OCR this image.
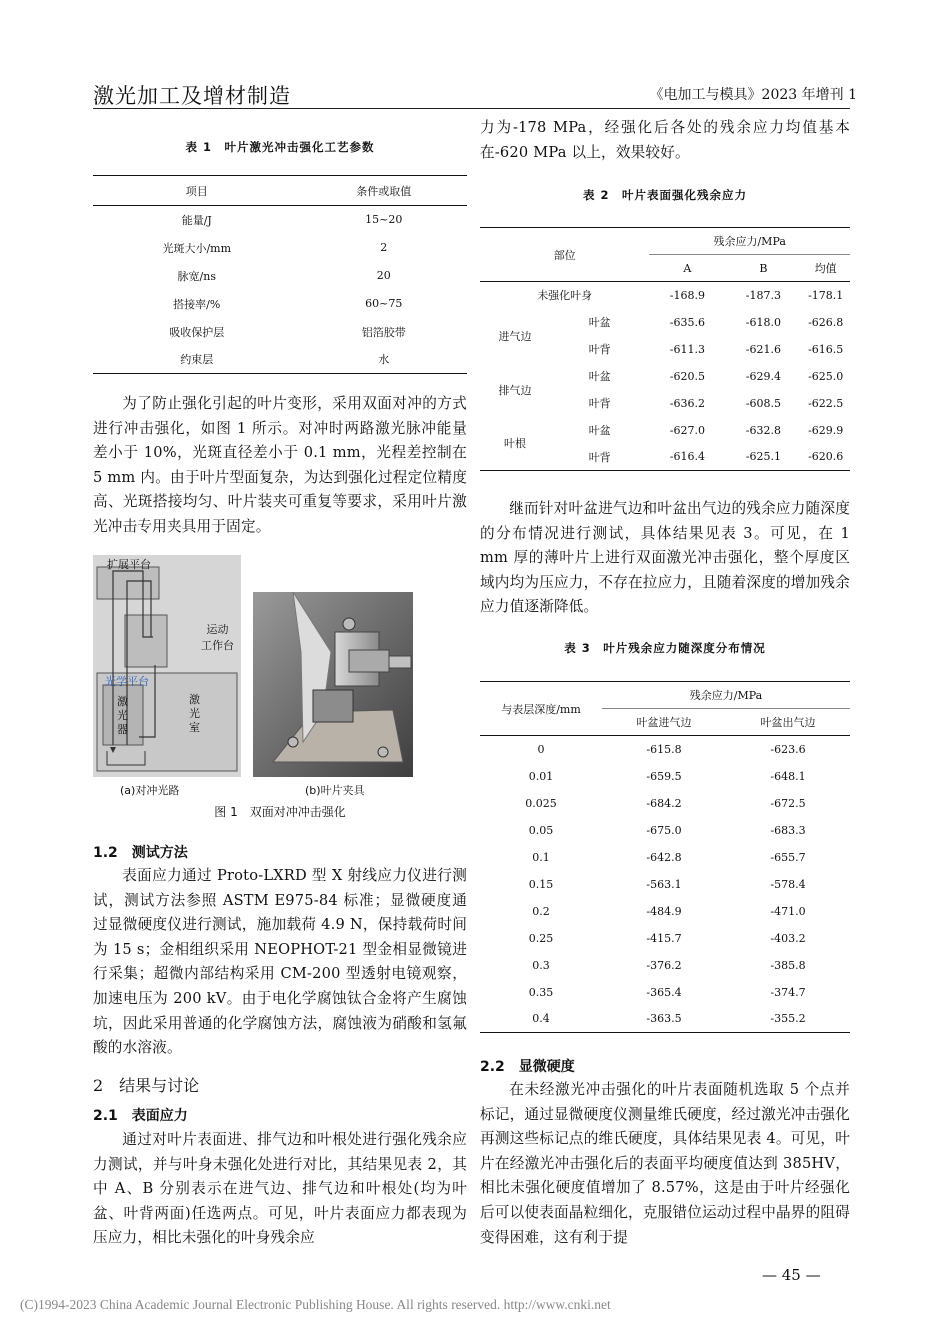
激光加工及增材制造	《电加工与模具》2023 年增刊 1
表 1　叶片激光冲击强化工艺参数
项目	条件或取值
能量/J	15~20
光斑大小/mm	2
脉宽/ns	20
搭接率/%	60~75
吸收保护层	铝箔胶带
约束层	水

为了防止强化引起的叶片变形，采用双面对冲的方式进行冲击强化，如图 1 所示。对冲时两路激光脉冲能量差小于 10%，光斑直径差小于 0.1 mm，光程差控制在 5 mm 内。由于叶片型面复杂，为达到强化过程定位精度高、光斑搭接均匀、叶片装夹可重复等要求，采用叶片激光冲击专用夹具用于固定。

扩展平台
运动
工作台
光学平台
激
光
器
激
光
室
(a)对冲光路	(b)叶片夹具
图 1　双面对冲冲击强化
1.2　测试方法

表面应力通过 Proto-LXRD 型 X 射线应力仪进行测试，测试方法参照 ASTM E975-84 标准；显微硬度通过显微硬度仪进行测试，施加载荷 4.9 N，保持载荷时间为 15 s；金相组织采用 NEOPHOT-21 型金相显微镜进行采集；超微内部结构采用 CM-200 型透射电镜观察，加速电压为 200 kV。由于电化学腐蚀钛合金将产生腐蚀坑，因此采用普通的化学腐蚀方法，腐蚀液为硝酸和氢氟酸的水溶液。

2　结果与讨论
2.1　表面应力

通过对叶片表面进、排气边和叶根处进行强化残余应力测试，并与叶身未强化处进行对比，其结果见表 2，其中 A、B 分别表示在进气边、排气边和叶根处(均为叶盆、叶背两面)任选两点。可见，叶片表面应力都表现为压应力，相比未强化的叶身残余应

力为-178 MPa，经强化后各处的残余应力均值基本在-620 MPa 以上，效果较好。

表 2　叶片表面强化残余应力
部位		残余应力/MPa		
		A	B	均值
未强化叶身		-168.9	-187.3	-178.1
进气边	叶盆	-635.6	-618.0	-626.8
	叶背	-611.3	-621.6	-616.5
排气边	叶盆	-620.5	-629.4	-625.0
	叶背	-636.2	-608.5	-622.5
叶根	叶盆	-627.0	-632.8	-629.9
	叶背	-616.4	-625.1	-620.6

继而针对叶盆进气边和叶盆出气边的残余应力随深度的分布情况进行测试，具体结果见表 3。可见，在 1 mm 厚的薄叶片上进行双面激光冲击强化，整个厚度区域内均为压应力，不存在拉应力，且随着深度的增加残余应力值逐渐降低。

表 3　叶片残余应力随深度分布情况
与表层深度/mm	残余应力/MPa	
	叶盆进气边	叶盆出气边
0	-615.8	-623.6
0.01	-659.5	-648.1
0.025	-684.2	-672.5
0.05	-675.0	-683.3
0.1	-642.8	-655.7
0.15	-563.1	-578.4
0.2	-484.9	-471.0
0.25	-415.7	-403.2
0.3	-376.2	-385.8
0.35	-365.4	-374.7
0.4	-363.5	-355.2
2.2　显微硬度

在未经激光冲击强化的叶片表面随机选取 5 个点并标记，通过显微硬度仪测量维氏硬度，经过激光冲击强化再测这些标记点的维氏硬度，具体结果见表 4。可见，叶片在经激光冲击强化后的表面平均硬度值达到 385HV，相比未强化硬度值增加了 8.57%，这是由于叶片经强化后可以使表面晶粒细化，克服错位运动过程中晶界的阻碍变得困难，这有利于提

— 45 —
(C)1994-2023 China Academic Journal Electronic Publishing House. All rights reserved. http://www.cnki.net
